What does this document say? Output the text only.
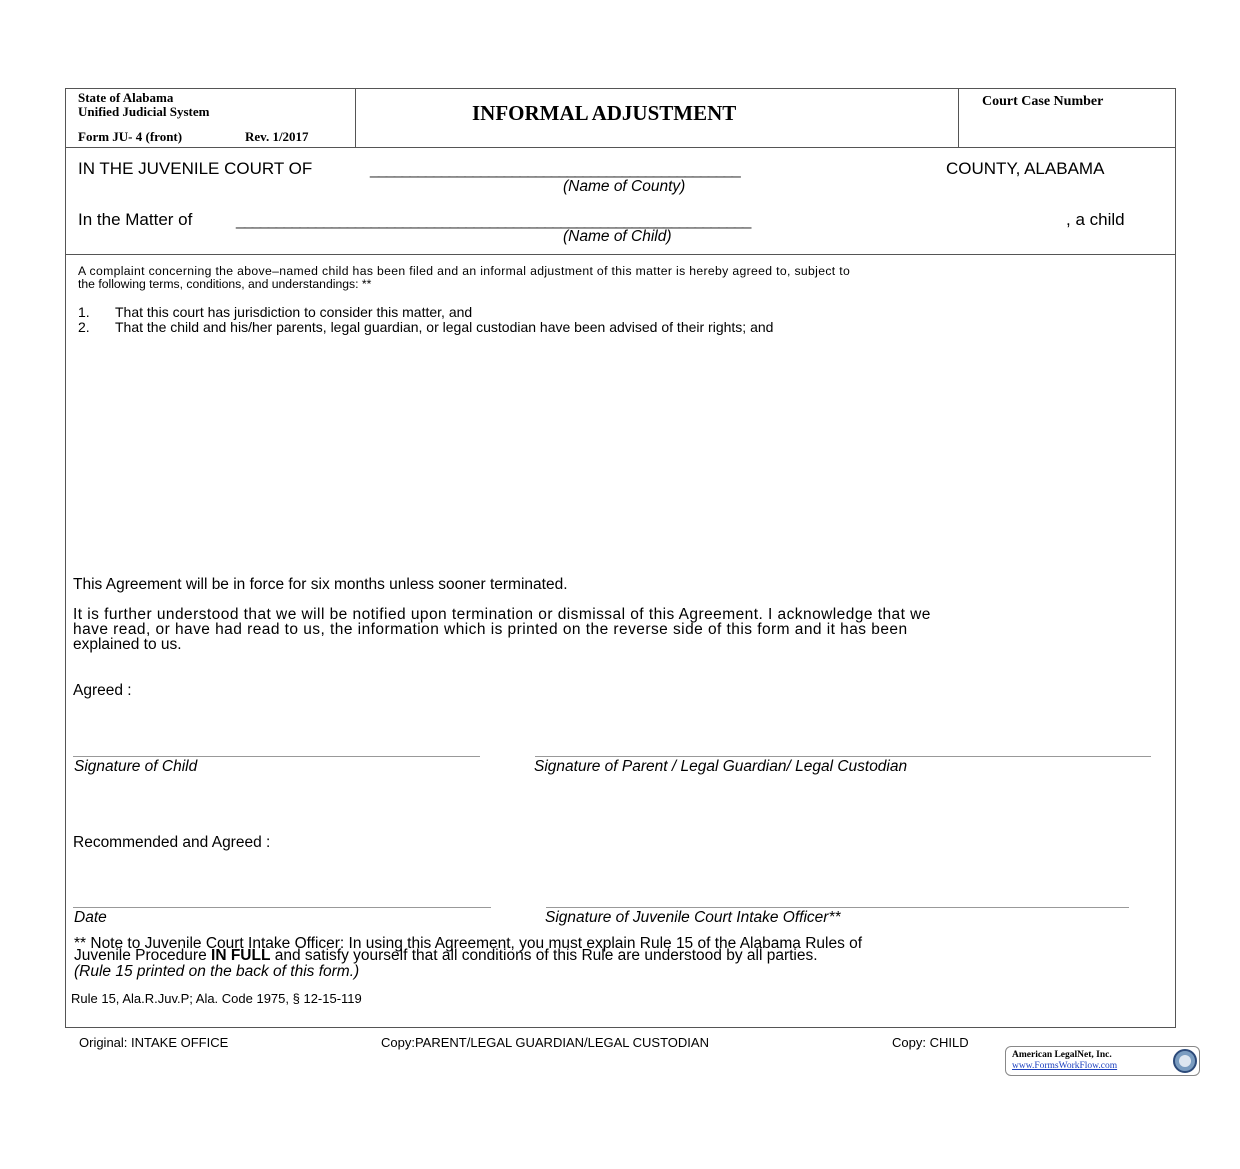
State of Alabama
Unified Judicial System
Form JU- 4 (front)	Rev. 1/2017
INFORMAL ADJUSTMENT	Court Case Number
IN THE JUVENILE COURT OF	_______________________________________________	COUNTY, ALABAMA
(Name of County)
In the Matter of	_________________________________________________________________	, a child
(Name of Child)
A complaint concerning the above–named child has been filed and an informal adjustment of this matter is hereby agreed to, subject to
the following terms, conditions, and understandings: **
1. That this court has jurisdiction to consider this matter, and
2. That the child and his/her parents, legal guardian, or legal custodian have been advised of their rights; and
This Agreement will be in force for six months unless sooner terminated.
It is further understood that we will be notified upon termination or dismissal of this Agreement. I acknowledge that we
have read, or have had read to us, the information which is printed on the reverse side of this form and it has been
explained to us.
Agreed :
Signature of Child	Signature of Parent / Legal Guardian/ Legal Custodian
Recommended and Agreed :
Date	Signature of Juvenile Court Intake Officer**
** Note to Juvenile Court Intake Officer: In using this Agreement, you must explain Rule 15 of the Alabama Rules of
Juvenile Procedure IN FULL and satisfy yourself that all conditions of this Rule are understood by all parties.
(Rule 15 printed on the back of this form.)
Rule 15, Ala.R.Juv.P; Ala. Code 1975, § 12-15-119
Original: INTAKE OFFICE	Copy:PARENT/LEGAL GUARDIAN/LEGAL CUSTODIAN	Copy: CHILD
American LegalNet, Inc.
www.FormsWorkFlow.com
